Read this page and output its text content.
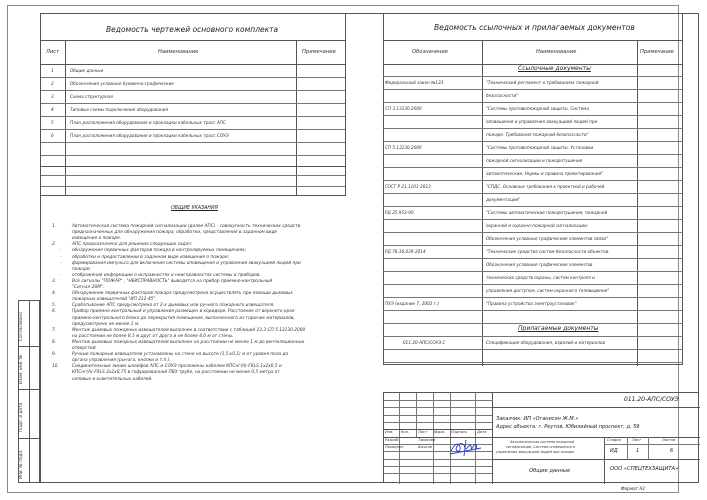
Ведомость чертежей основного комплекта
Лист	Наименование	Примечание
1	Общие данные
2	Обозначения условные буквенно-графические
3	Схема структурная
4	Типовые схемы подключения оборудования
5	План расположения оборудования и прокладки кабельных трасс АПС
6	План расположения оборудования и прокладки кабельных трасс СОУЭ
ОБЩИЕ УКАЗАНИЯ
1.	Автоматическая система пожарной сигнализации (далее АПС) - совокупность технических средств
предназначенных для обнаружения пожара, обработки, представления в заданном виде
извещения о пожаре.
2.	АПС предназначена для решения следующих задач:
- обнаружения первичных факторов пожара в контролируемых помещениях;
- обработки и предоставлении в заданном виде извещения о пожаре;
- формирования импульса для включения системы оповещения и управления эвакуацией людей при
пожаре;
- отображения информации о исправностях и неисправностях системы и приборов.
3.	Все сигналы "ПОЖАР" , "НЕИСПРАВНОСТЬ" выводятся на прибор приемно-контрольный
"Сигнал-20М".
4.	Обнаружение первичных факторов пожара предусмотрено осуществлять при помощи дымовых
пожарных извещателей "ИП 212-45".
5.	Срабатывание АПС предусмотрено от 2-х дымовых или ручного пожарного извещателя.
6.	Прибор приемно-контрольный и управления размещен в коридоре. Расстояние от верхнего края
приемно-контрольного блока до перекрытия помещения, выполненного из горючих материалов,
предусмотрено не менее 1 м.
7.	Монтаж дымовых пожарных извещателей выполнен в соответствии с таблицей 13.3 СП 5.13130.2009
на расстоянии не более 8,5 м друг от друга и не более 4,0 м от стены.
8.	Монтаж дымовых пожарных извещателей выполнен на расстоянии не менее 1 м до вентиляционных
отверстий.
9.	Ручные пожарные извещатели установлены на стене на высоте (1,5±0,1) м от уровня пола до
органа управления (рычага, кнопки и т.п.).
10.	Соединительные линии шлейфов АПС и СОУЭ проложены кабелем КПСнг(А)-FRLS 1х2х0,5 и
КПСнг(А)-FRLS 2х2х0,75 в гофрированной ПВХ трубе, на расстоянии не менее 0,5 метра от
силовых и осветительных кабелей.
Ведомость ссылочных и прилагаемых документов
Обозначение	Наименование	Примечание
Ссылочные документы
Федеральный закон №123	"Технический регламент о требованиях пожарной
безопасности"
СП 3.13130.2009	"Системы противопожарной защиты. Система
оповещения и управления эвакуацией людей при
пожаре. Требования пожарной безопасности"
СП 5.13130.2009	"Системы противопожарной защиты. Установки
пожарной сигнализации и пожаротушения
автоматические. Нормы и правила проектирования"
ГОСТ Р 21.1101-2013	"СПДС. Основные требования к проектной и рабочей
документации"
РД 25.953-90	"Системы автоматические пожаротушения, пожарной
охранной и охранно-пожарной сигнализации.
Обозначения условные графические элементов связи"
РД 78.36.039-2014	"Технические средства систем безопасности объектов.
Обозначения условные графические элементов
технических средств охраны, систем контроля и
управления доступом, систем охранного телевидения"
ПУЭ (издание 7, 2002 г.)	"Правила устройства электроустановок"
Прилагаемые документы
011.20-АПС/СОУЭ.С	Спецификация оборудования, изделий и материалов
Согласовано
Взам. инв. №
Подп. и дата
Инв. № подл.
Изм. Кол. Лист №док. Подпись	Дата
Разраб.	Тарасова
Проверил	Бычков
011.20-АПС/СОУЭ
Заказчик: ИП «Оганисян Ж.М.»
Адрес объекта: г. Реутов, Юбилейный проспект, д. 59
Автоматическая система пожарной
сигнализации. Система оповещения и
управления эвакуацией людей при пожаре
Стадия	Лист	Листов
ИД	1	6
Общие данные	ООО «СПЕЦТЕХЗАЩИТА»
Формат А3
